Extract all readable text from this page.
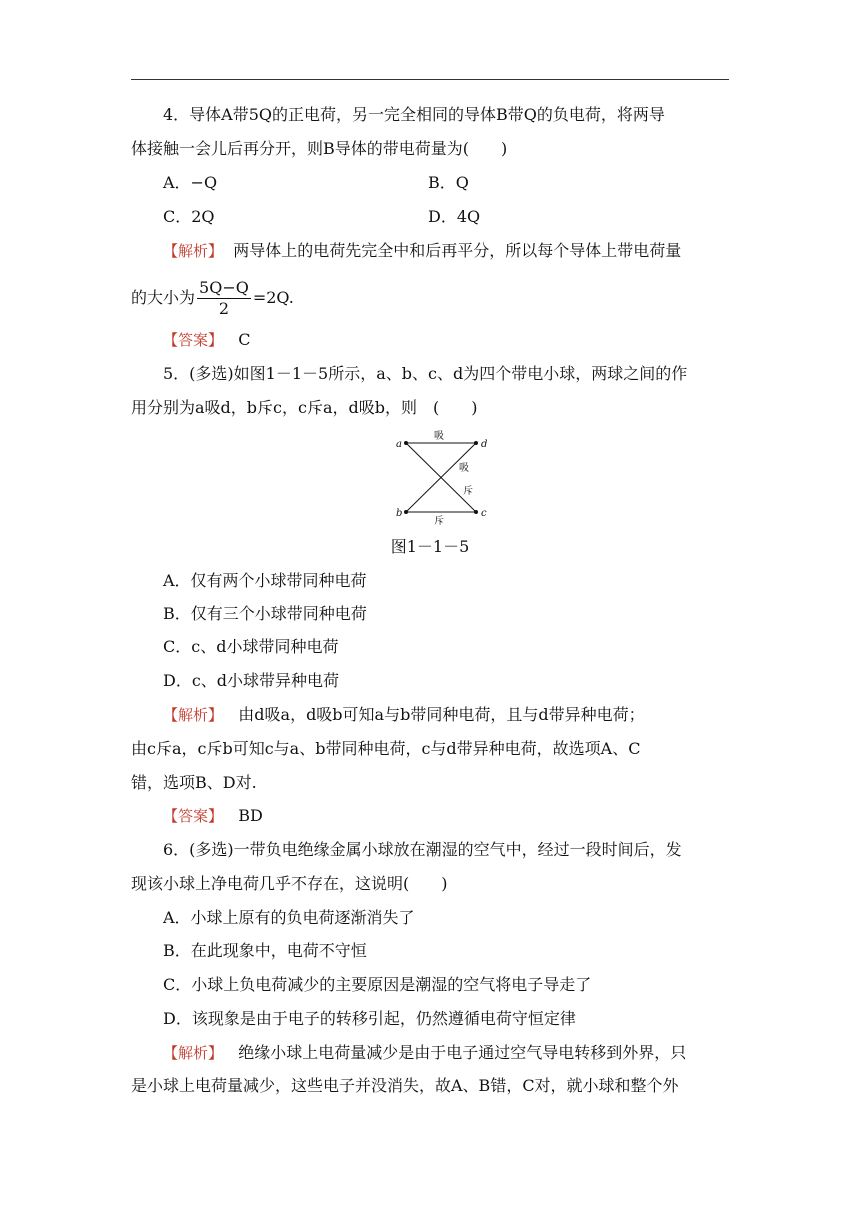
4．导体A带5Q的正电荷，另一完全相同的导体B带Q的负电荷，将两导
体接触一会儿后再分开，则B导体的带电荷量为(　　)
A．−Q	B．Q
C．2Q	D．4Q
【解析】 两导体上的电荷先完全中和后再平分，所以每个导体上带电荷量
的大小为 $\frac{5Q-Q}{2} =2Q$.
【答案】 C
5．(多选)如图1－1－5所示，a、b、c、d为四个带电小球，两球之间的作
用分别为a吸d，b斥c，c斥a，d吸b，则　(　　)
a	d
b	c
吸
吸
斥
斥
图1－1－5
A．仅有两个小球带同种电荷
B．仅有三个小球带同种电荷
C．c、d小球带同种电荷
D．c、d小球带异种电荷
【解析】 由d吸a，d吸b可知a与b带同种电荷，且与d带异种电荷；
由c斥a，c斥b可知c与a、b带同种电荷，c与d带异种电荷，故选项A、C
错，选项B、D对.
【答案】 BD
6．(多选)一带负电绝缘金属小球放在潮湿的空气中，经过一段时间后，发
现该小球上净电荷几乎不存在，这说明(　　)
A．小球上原有的负电荷逐渐消失了
B．在此现象中，电荷不守恒
C．小球上负电荷减少的主要原因是潮湿的空气将电子导走了
D．该现象是由于电子的转移引起，仍然遵循电荷守恒定律
【解析】 绝缘小球上电荷量减少是由于电子通过空气导电转移到外界，只
是小球上电荷量减少，这些电子并没消失，故A、B错，C对，就小球和整个外
